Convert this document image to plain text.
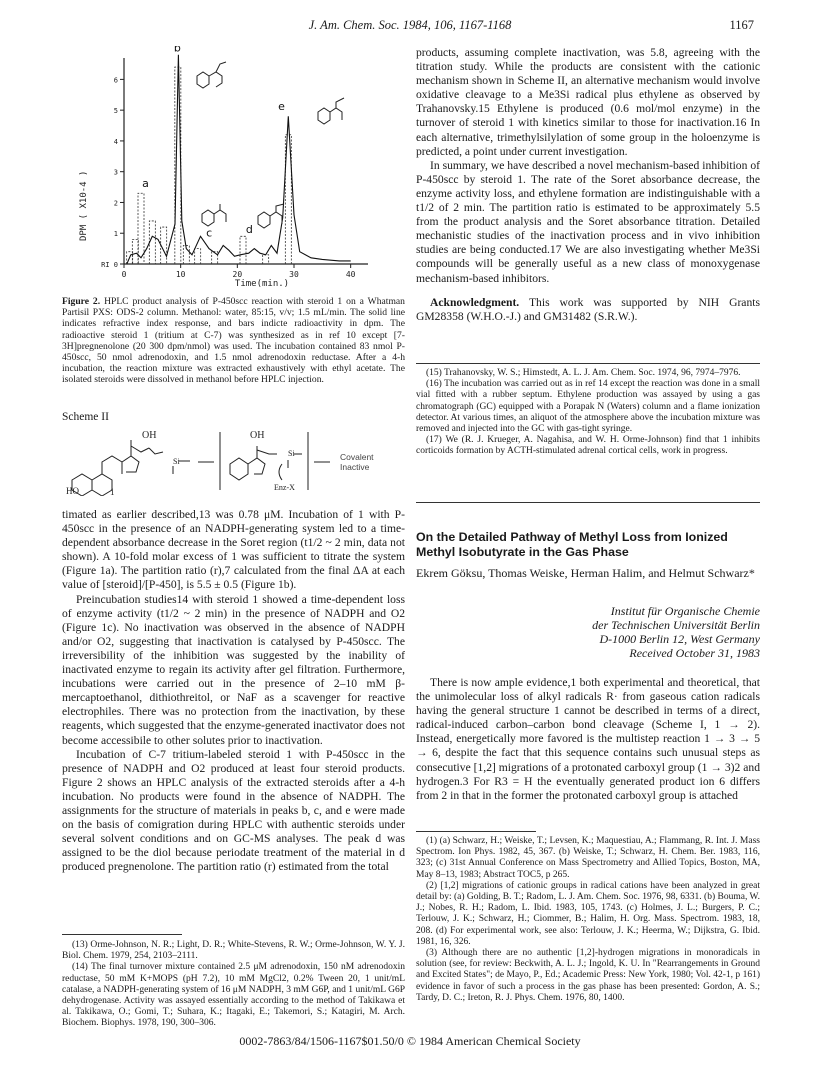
J. Am. Chem. Soc. 1984, 106, 1167-1168	1167
DPM ( X10-4 )
Time(min.)
0	10	20	30	40
RI 0
1
2
3
4
5
6
a
b
c	d
e
Figure 2. HPLC product analysis of P-450scc reaction with steroid 1 on a Whatman Partisil PXS: ODS-2 column. Methanol: water, 85:15, v/v; 1.5 mL/min. The solid line indicates refractive index response, and bars indicte radioactivity in dpm. The radioactive steroid 1 (tritium at C-7) was synthesized as in ref 10 except [7-3H]pregnenolone (20 300 dpm/nmol) was used. The incubation contained 83 nmol P-450scc, 50 nmol adrenodoxin, and 1.5 nmol adrenodoxin reductase. After a 4-h incubation, the reaction mixture was extracted exhaustively with ethyl acetate. The isolated steroids were dissolved in methanol before HPLC injection.
Scheme II
OH
HO
Si
1
OH
Si
Enz-X
Covalent
Inactive

timated as earlier described,13 was 0.78 μM. Incubation of 1 with P-450scc in the presence of an NADPH-generating system led to a time-dependent absorbance decrease in the Soret region (t1/2 ~ 2 min, data not shown). A 10-fold molar excess of 1 was sufficient to titrate the system (Figure 1a). The partition ratio (r),7 calculated from the final ΔA at each value of [steroid]/[P-450], is 5.5 ± 0.5 (Figure 1b).

Preincubation studies14 with steroid 1 showed a time-dependent loss of enzyme activity (t1/2 ~ 2 min) in the presence of NADPH and O2 (Figure 1c). No inactivation was observed in the absence of NADPH and/or O2, suggesting that inactivation is catalysed by P-450scc. The irreversibility of the inhibition was suggested by the inability of inactivated enzyme to regain its activity after gel filtration. Furthermore, incubations were carried out in the presence of 2–10 mM β-mercaptoethanol, dithiothreitol, or NaF as a scavenger for reactive electrophiles. There was no protection from the inactivation, by these reagents, which suggested that the enzyme-generated inactivator does not become accessibile to other solutes prior to inactivation.

Incubation of C-7 tritium-labeled steroid 1 with P-450scc in the presence of NADPH and O2 produced at least four steroid products. Figure 2 shows an HPLC analysis of the extracted steroids after a 4-h incubation. No products were found in the absence of NADPH. The assignments for the structure of materials in peaks b, c, and e were made on the basis of comigration during HPLC with authentic steroids under several solvent conditions and on GC-MS analyses. The peak d was assigned to be the diol because periodate treatment of the material in d produced pregnenolone. The partition ratio (r) estimated from the total

(13) Orme-Johnson, N. R.; Light, D. R.; White-Stevens, R. W.; Orme-Johnson, W. Y. J. Biol. Chem. 1979, 254, 2103–2111.

(14) The final turnover mixture contained 2.5 μM adrenodoxin, 150 nM adrenodoxin reductase, 50 mM K+MOPS (pH 7.2), 10 mM MgCl2, 0.2% Tween 20, 1 unit/mL catalase, a NADPH-generating system of 16 μM NADPH, 3 mM G6P, and 1 unit/mL G6P dehydrogenase. Activity was assayed essentially according to the method of Takikawa et al. Takikawa, O.; Gomi, T.; Suhara, K.; Itagaki, E.; Takemori, S.; Katagiri, M. Arch. Biochem. Biophys. 1978, 190, 300–306.

products, assuming complete inactivation, was 5.8, agreeing with the titration study. While the products are consistent with the cationic mechanism shown in Scheme II, an alternative mechanism would involve oxidative cleavage to a Me3Si radical plus ethylene as observed by Trahanovsky.15 Ethylene is produced (0.6 mol/mol enzyme) in the turnover of steroid 1 with kinetics similar to those for inactivation.16 In each alternative, trimethylsilylation of some group in the holoenzyme is predicted, a point under current investigation.

In summary, we have described a novel mechanism-based inhibition of P-450scc by steroid 1. The rate of the Soret absorbance decrease, the enzyme activity loss, and ethylene formation are indistinguishable with a t1/2 of 2 min. The partition ratio is estimated to be approximately 5.5 from the product analysis and the Soret absorbance titration. Detailed mechanistic studies of the inactivation process and in vivo inhibition studies are being conducted.17 We are also investigating whether Me3Si compounds will be generally useful as a new class of monoxygenase mechanism-based inhibitors.

Acknowledgment. This work was supported by NIH Grants GM28358 (W.H.O.-J.) and GM31482 (S.R.W.).

(15) Trahanovsky, W. S.; Himstedt, A. L. J. Am. Chem. Soc. 1974, 96, 7974–7976.

(16) The incubation was carried out as in ref 14 except the reaction was done in a small vial fitted with a rubber septum. Ethylene production was assayed by using a gas chromatograph (GC) equipped with a Porapak N (Waters) column and a flame ionization detector. At various times, an aliquot of the atmosphere above the incubation mixture was removed and injected into the GC with gas-tight syringe.

(17) We (R. J. Krueger, A. Nagahisa, and W. H. Orme-Johnson) find that 1 inhibits corticoids formation by ACTH-stimulated adrenal cortical cells, work in progress.

On the Detailed Pathway of Methyl Loss from Ionized Methyl Isobutyrate in the Gas Phase
Ekrem Göksu, Thomas Weiske, Herman Halim, and Helmut Schwarz*
Institut für Organische Chemie
der Technischen Universität Berlin
D-1000 Berlin 12, West Germany
Received October 31, 1983

There is now ample evidence,1 both experimental and theoretical, that the unimolecular loss of alkyl radicals R· from gaseous cation radicals having the general structure 1 cannot be described in terms of a direct, radical-induced carbon–carbon bond cleavage (Scheme I, 1 → 2). Instead, energetically more favored is the multistep reaction 1 → 3 → 5 → 6, despite the fact that this sequence contains such unusual steps as consecutive [1,2] migrations of a protonated carboxyl group (1 → 3)2 and hydrogen.3 For R3 = H the eventually generated product ion 6 differs from 2 in that in the former the protonated carboxyl group is attached

(1) (a) Schwarz, H.; Weiske, T.; Levsen, K.; Maquestiau, A.; Flammang, R. Int. J. Mass Spectrom. Ion Phys. 1982, 45, 367. (b) Weiske, T.; Schwarz, H. Chem. Ber. 1983, 116, 323; (c) 31st Annual Conference on Mass Spectrometry and Allied Topics, Boston, MA, May 8–13, 1983; Abstract TOC5, p 265.

(2) [1,2] migrations of cationic groups in radical cations have been analyzed in great detail by: (a) Golding, B. T.; Radom, L. J. Am. Chem. Soc. 1976, 98, 6331. (b) Bouma, W. J.; Nobes, R. H.; Radom, L. Ibid. 1983, 105, 1743. (c) Holmes, J. L.; Burgers, P. C.; Terlouw, J. K.; Schwarz, H.; Ciommer, B.; Halim, H. Org. Mass. Spectrom. 1983, 18, 208. (d) For experimental work, see also: Terlouw, J. K.; Heerma, W.; Dijkstra, G. Ibid. 1981, 16, 326.

(3) Although there are no authentic [1,2]-hydrogen migrations in monoradicals in solution (see, for review: Beckwith, A. L. J.; Ingold, K. U. In "Rearrangements in Ground and Excited States"; de Mayo, P., Ed.; Academic Press: New York, 1980; Vol. 42-1, p 161) evidence in favor of such a process in the gas phase has been presented: Gordon, A. S.; Tardy, D. C.; Ireton, R. J. Phys. Chem. 1976, 80, 1400.

0002-7863/84/1506-1167$01.50/0 © 1984 American Chemical Society
